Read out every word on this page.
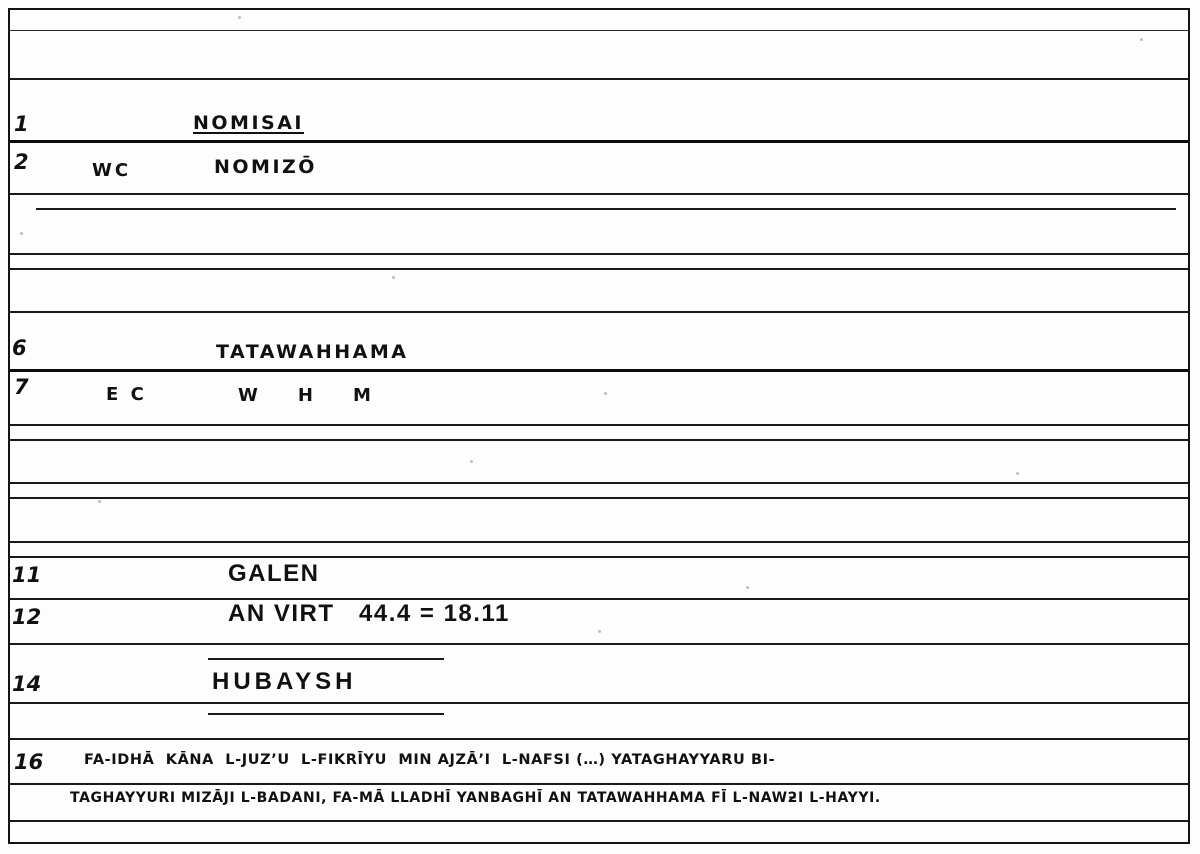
1	NOMISAI
2	WC	NOMIZŌ
6	TATAWAHHAMA
7	E C	W    H    M
11	GALEN
12	AN VIRT   44.4 = 18.11
14	HUBAYSH
16	FA-IDHĀ  KĀNA  L-JUZʼU  L-FIKRĪYU  MIN AJZĀʼI  L-NAFSI (…) YATAGHAYYARU BI-
TAGHAYYURI MIZĀJI L-BADANI, FA-MĀ LLADHĪ YANBAGHĪ AN TATAWAHHAMA FĪ L-NAWƻI L-HAYYI.
